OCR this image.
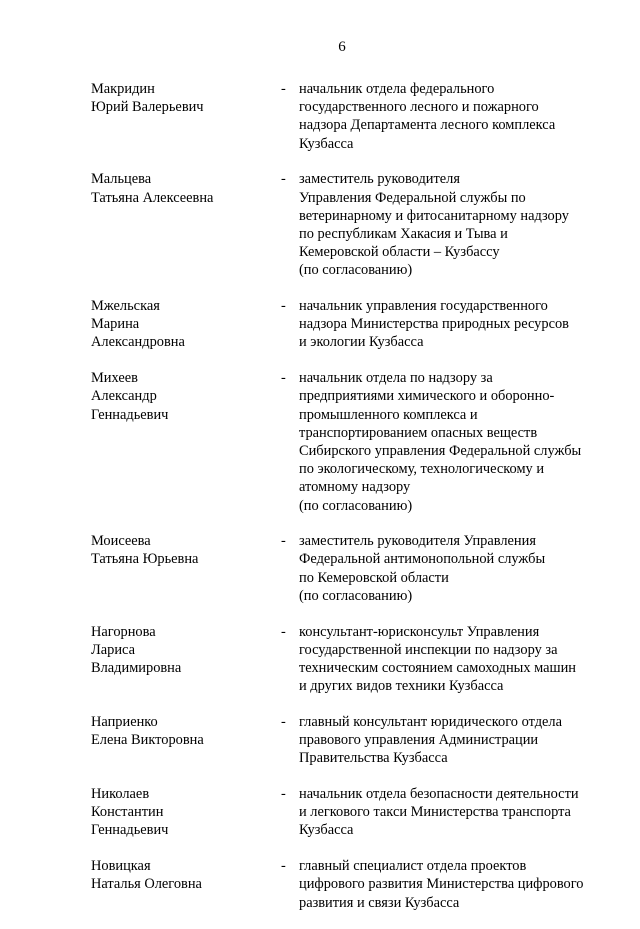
6
Макридин
Юрий Валерьевич
- начальник отдела федерального
государственного лесного и пожарного
надзора Департамента лесного комплекса
Кузбасса
Мальцева
Татьяна Алексеевна
- заместитель руководителя
Управления Федеральной службы по
ветеринарному и фитосанитарному надзору
по республикам Хакасия и Тыва и
Кемеровской области – Кузбассу
(по согласованию)
Мжельская
Марина
Александровна
- начальник управления государственного
надзора Министерства природных ресурсов
и экологии Кузбасса
Михеев
Александр
Геннадьевич
- начальник отдела по надзору за
предприятиями химического и оборонно-
промышленного комплекса и
транспортированием опасных веществ
Сибирского управления Федеральной службы
по экологическому, технологическому и
атомному надзору
(по согласованию)
Моисеева
Татьяна Юрьевна
- заместитель руководителя Управления
Федеральной антимонопольной службы
по Кемеровской области
(по согласованию)
Нагорнова
Лариса
Владимировна
- консультант-юрисконсульт Управления
государственной инспекции по надзору за
техническим состоянием самоходных машин
и других видов техники Кузбасса
Наприенко
Елена Викторовна
- главный консультант юридического отдела
правового управления Администрации
Правительства Кузбасса
Николаев
Константин
Геннадьевич
- начальник отдела безопасности деятельности
и легкового такси Министерства транспорта
Кузбасса
Новицкая
Наталья Олеговна
- главный специалист отдела проектов
цифрового развития Министерства цифрового
развития и связи Кузбасса
